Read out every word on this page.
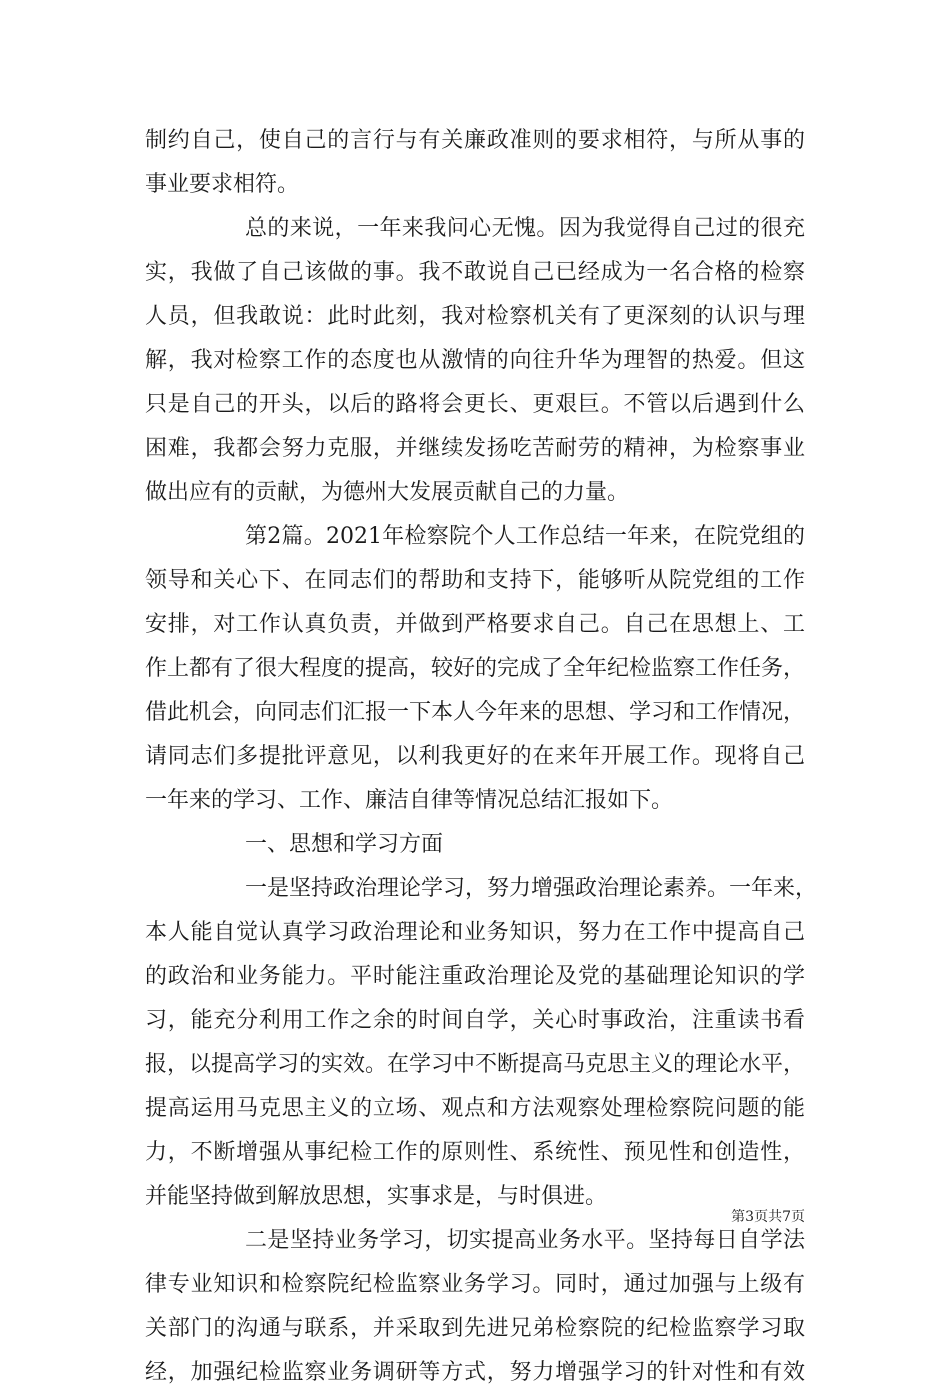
制约自己，使自己的言行与有关廉政准则的要求相符，与所从事的
事业要求相符。
总的来说，一年来我问心无愧。因为我觉得自己过的很充
实，我做了自己该做的事。我不敢说自己已经成为一名合格的检察
人员，但我敢说：此时此刻，我对检察机关有了更深刻的认识与理
解，我对检察工作的态度也从激情的向往升华为理智的热爱。但这
只是自己的开头，以后的路将会更长、更艰巨。不管以后遇到什么
困难，我都会努力克服，并继续发扬吃苦耐劳的精神，为检察事业
做出应有的贡献，为德州大发展贡献自己的力量。
第2篇。2021年检察院个人工作总结一年来，在院党组的
领导和关心下、在同志们的帮助和支持下，能够听从院党组的工作
安排，对工作认真负责，并做到严格要求自己。自己在思想上、工
作上都有了很大程度的提高，较好的完成了全年纪检监察工作任务，
借此机会，向同志们汇报一下本人今年来的思想、学习和工作情况，
请同志们多提批评意见，以利我更好的在来年开展工作。现将自己
一年来的学习、工作、廉洁自律等情况总结汇报如下。
一、思想和学习方面
一是坚持政治理论学习，努力增强政治理论素养。一年来，
本人能自觉认真学习政治理论和业务知识，努力在工作中提高自己
的政治和业务能力。平时能注重政治理论及党的基础理论知识的学
习，能充分利用工作之余的时间自学，关心时事政治，注重读书看
报，以提高学习的实效。在学习中不断提高马克思主义的理论水平，
提高运用马克思主义的立场、观点和方法观察处理检察院问题的能
力，不断增强从事纪检工作的原则性、系统性、预见性和创造性，
并能坚持做到解放思想，实事求是，与时俱进。
二是坚持业务学习，切实提高业务水平。坚持每日自学法
律专业知识和检察院纪检监察业务学习。同时，通过加强与上级有
关部门的沟通与联系，并采取到先进兄弟检察院的纪检监察学习取
经，加强纪检监察业务调研等方式，努力增强学习的针对性和有效
第3页共7页
